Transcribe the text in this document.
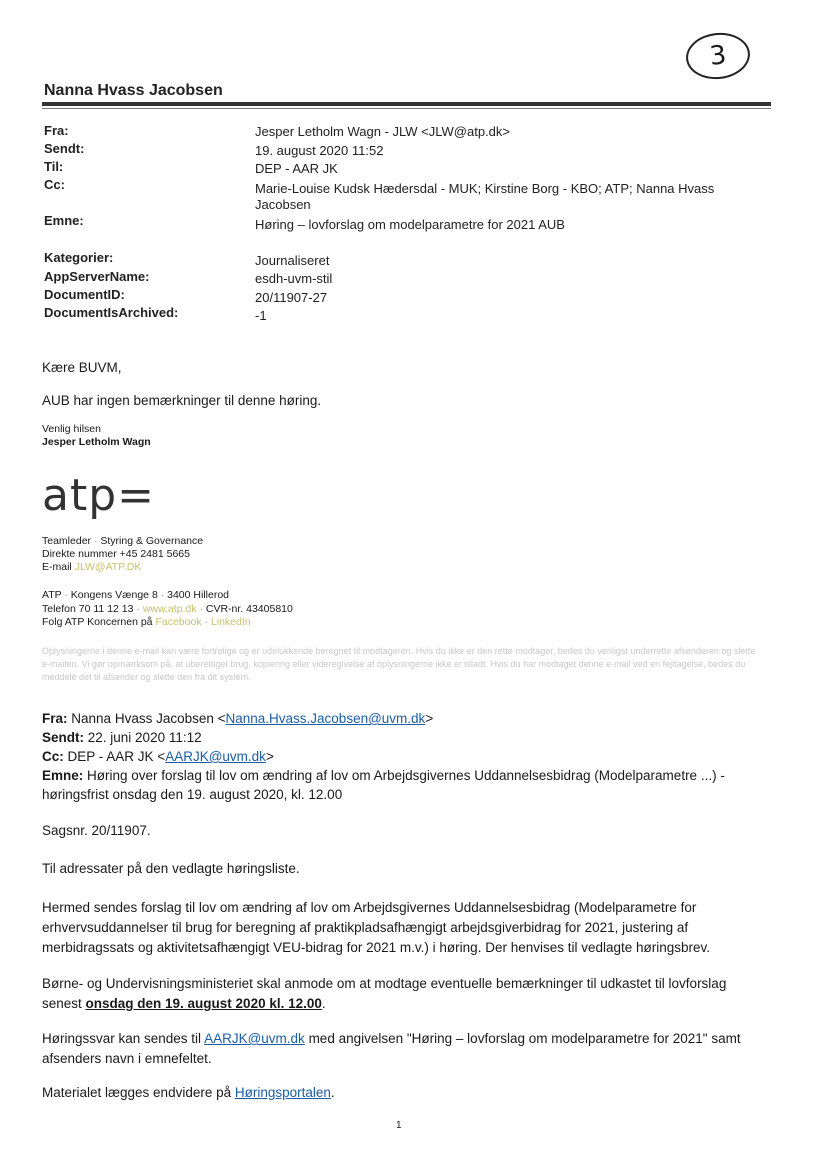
3
Nanna Hvass Jacobsen
Fra:	Jesper Letholm Wagn - JLW <JLW@atp.dk>
Sendt:	19. august 2020 11:52
Til:	DEP - AAR JK
Cc:	Marie-Louise Kudsk Hædersdal - MUK; Kirstine Borg - KBO; ATP; Nanna Hvass Jacobsen
Emne:	Høring – lovforslag om modelparametre for 2021 AUB
Kategorier:	Journaliseret
AppServerName:	esdh-uvm-stil
DocumentID:	20/11907-27
DocumentIsArchived:	-1
Kære BUVM,
AUB har ingen bemærkninger til denne høring.
Venlig hilsen
Jesper Letholm Wagn
atp=
Teamleder · Styring & Governance
Direkte nummer +45 2481 5665
E-mail JLW@ATP.DK
ATP · Kongens Vænge 8 · 3400 Hillerod
Telefon 70 11 12 13 · www.atp.dk · CVR-nr. 43405810
Folg ATP Koncernen på Facebook · LinkedIn
Oplysningerne i denne e-mail kan være fortrolige og er udelukkende beregnet til modtageren. Hvis du ikke er den rette modtager, bedes du venligst underrette afsenderen og slette e-mailen. Vi gør opmærksom på, at uberettiget brug, kopiering eller videregivelse af oplysningerne ikke er tilladt. Hvis du har modtaget denne e-mail ved en fejltagelse, bedes du meddele det til afsender og slette den fra dit system.
Fra: Nanna Hvass Jacobsen <Nanna.Hvass.Jacobsen@uvm.dk>
Sendt: 22. juni 2020 11:12
Cc: DEP - AAR JK <AARJK@uvm.dk>
Emne: Høring over forslag til lov om ændring af lov om Arbejdsgivernes Uddannelsesbidrag (Modelparametre ...) -
høringsfrist onsdag den 19. august 2020, kl. 12.00
Sagsnr. 20/11907.
Til adressater på den vedlagte høringsliste.
Hermed sendes forslag til lov om ændring af lov om Arbejdsgivernes Uddannelsesbidrag (Modelparametre for erhvervsuddannelser til brug for beregning af praktikpladsafhængigt arbejdsgiverbidrag for 2021, justering af merbidragssats og aktivitetsafhængigt VEU-bidrag for 2021 m.v.) i høring. Der henvises til vedlagte høringsbrev.
Børne- og Undervisningsministeriet skal anmode om at modtage eventuelle bemærkninger til udkastet til lovforslag senest onsdag den 19. august 2020 kl. 12.00.
Høringssvar kan sendes til AARJK@uvm.dk med angivelsen "Høring – lovforslag om modelparametre for 2021" samt afsenders navn i emnefeltet.
Materialet lægges endvidere på Høringsportalen.
1
